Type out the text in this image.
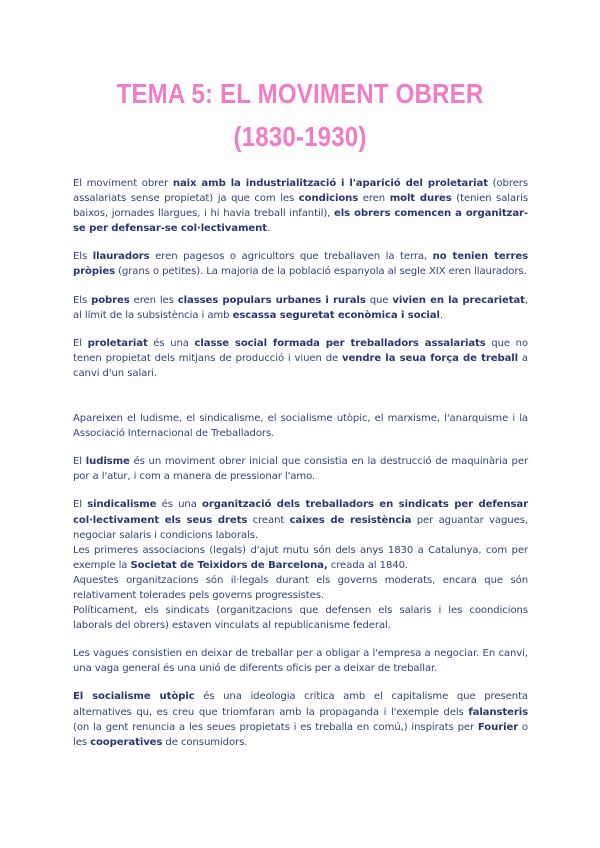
TEMA 5: EL MOVIMENT OBRER
(1830-1930)

El moviment obrer naix amb la industrialització i l'aparició del proletariat (obrers assalariats sense propietat) ja que com les condicions eren molt dures (tenien salaris baixos, jornades llargues, i hi havia treball infantil), els obrers comencen a organitzar-se per defensar-se col·lectivament.

Els llauradors eren pagesos o agricultors que treballaven la terra, no tenien terres pròpies (grans o petites). La majoria de la població espanyola al segle XIX eren llauradors.

Els pobres eren les classes populars urbanes i rurals que vivien en la precarietat, al límit de la subsistència i amb escassa seguretat econòmica i social.

El proletariat és una classe social formada per treballadors assalariats que no tenen propietat dels mitjans de producció i viuen de vendre la seua força de treball a canvi d'un salari.

Apareixen el ludisme, el sindicalisme, el socialisme utòpic, el marxisme, l'anarquisme i la Associació Internacional de Treballadors.

El ludisme és un moviment obrer inicial que consistia en la destrucció de maquinària per por a l'atur, i com a manera de pressionar l'amo.

El sindicalisme és una organització dels treballadors en sindicats per defensar col·lectivament els seus drets creant caixes de resistència per aguantar vagues, negociar salaris i condicions laborals.

Les primeres associacions (legals) d'ajut mutu són dels anys 1830 a Catalunya, com per exemple la Societat de Teixidors de Barcelona, creada al 1840.

Aquestes organitzacions són il·legals durant els governs moderats, encara que són relativament tolerades pels governs progressistes.

Políticament, els sindicats (organitzacions que defensen els salaris i les coondicions laborals del obrers) estaven vinculats al republicanisme federal.

Les vagues consistien en deixar de treballar per a obligar a l'empresa a negociar. En canvi, una vaga general és una unió de diferents oficis per a deixar de treballar.

El socialisme utòpic és una ideologia crítica amb el capitalisme que presenta alternatives qu, es creu que triomfaran amb la propaganda i l'exemple dels falansteris (on la gent renuncia a les seues propietats i es treballa en comú,) inspirats per Fourier o les cooperatives de consumidors.
